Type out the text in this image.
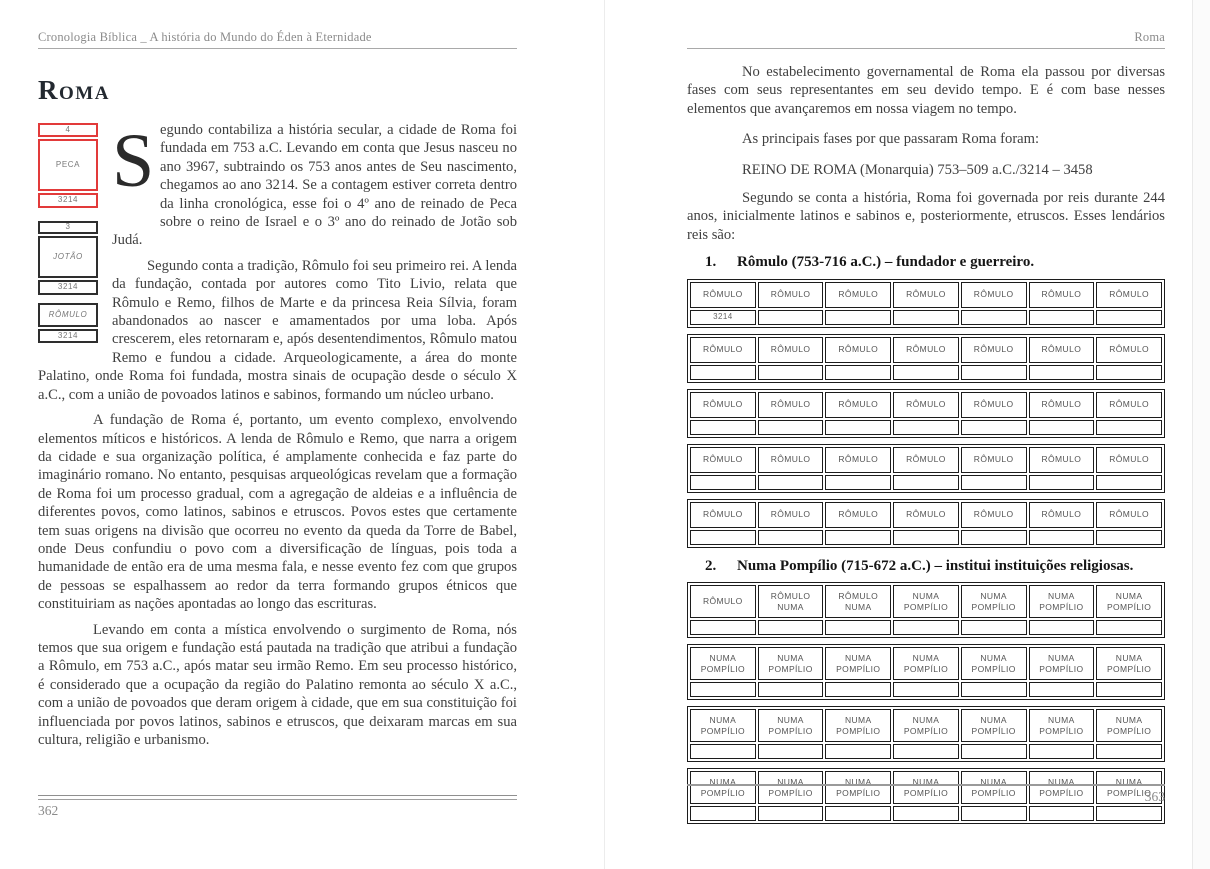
Cronologia Bíblica _ A história do Mundo do Éden à Eternidade
Roma
4
PECA
3214
3
JOTÃO
3214
RÔMULO
3214

Segundo contabiliza a história secular, a cidade de Roma foi fundada em 753 a.C. Levando em conta que Jesus nasceu no ano 3967, subtraindo os 753 anos antes de Seu nascimento, chegamos ao ano 3214. Se a contagem estiver correta dentro da linha cronológica, esse foi o 4º ano de reinado de Peca sobre o reino de Israel e o 3º ano do reinado de Jotão sob Judá.

Segundo conta a tradição, Rômulo foi seu primeiro rei. A lenda da fundação, contada por autores como Tito Livio, relata que Rômulo e Remo, filhos de Marte e da princesa Reia Sílvia, foram abandonados ao nascer e amamentados por uma loba. Após crescerem, eles retornaram e, após desentendimentos, Rômulo matou Remo e fundou a cidade. Arqueologicamente, a área do monte Palatino, onde Roma foi fundada, mostra sinais de ocupação desde o século X a.C., com a união de povoados latinos e sabinos, formando um núcleo urbano.

A fundação de Roma é, portanto, um evento complexo, envolvendo elementos míticos e históricos. A lenda de Rômulo e Remo, que narra a origem da cidade e sua organização política, é amplamente conhecida e faz parte do imaginário romano. No entanto, pesquisas arqueológicas revelam que a formação de Roma foi um processo gradual, com a agregação de aldeias e a influência de diferentes povos, como latinos, sabinos e etruscos. Povos estes que certamente tem suas origens na divisão que ocorreu no evento da queda da Torre de Babel, onde Deus confundiu o povo com a diversificação de línguas, pois toda a humanidade de então era de uma mesma fala, e nesse evento fez com que grupos de pessoas se espalhassem ao redor da terra formando grupos étnicos que constituiriam as nações apontadas ao longo das escrituras.

Levando em conta a mística envolvendo o surgimento de Roma, nós temos que sua origem e fundação está pautada na tradição que atribui a fundação a Rômulo, em 753 a.C., após matar seu irmão Remo. Em seu processo histórico, é considerado que a ocupação da região do Palatino remonta ao século X a.C., com a união de povoados que deram origem à cidade, que em sua constituição foi influenciada por povos latinos, sabinos e etruscos, que deixaram marcas em sua cultura, religião e urbanismo.

362
Roma

No estabelecimento governamental de Roma ela passou por diversas fases com seus representantes em seu devido tempo. E é com base nesses elementos que avançaremos em nossa viagem no tempo.

As principais fases por que passaram Roma foram:

REINO DE ROMA (Monarquia) 753–509 a.C./3214 – 3458

Segundo se conta a história, Roma foi governada por reis durante 244 anos, inicialmente latinos e sabinos e, posteriormente, etruscos. Esses lendários reis são:

1. Rômulo (753-716 a.C.) – fundador e guerreiro.
RÔMULO	RÔMULO	RÔMULO	RÔMULO	RÔMULO	RÔMULO	RÔMULO
3214						
RÔMULO	RÔMULO	RÔMULO	RÔMULO	RÔMULO	RÔMULO	RÔMULO

RÔMULO	RÔMULO	RÔMULO	RÔMULO	RÔMULO	RÔMULO	RÔMULO

RÔMULO	RÔMULO	RÔMULO	RÔMULO	RÔMULO	RÔMULO	RÔMULO

RÔMULO	RÔMULO	RÔMULO	RÔMULO	RÔMULO	RÔMULO	RÔMULO

2. Numa Pompílio (715-672 a.C.) – institui instituições religiosas.
RÔMULO	RÔMULO NUMA	RÔMULO NUMA	NUMA POMPÍLIO	NUMA POMPÍLIO	NUMA POMPÍLIO	NUMA POMPÍLIO

NUMA POMPÍLIO	NUMA POMPÍLIO	NUMA POMPÍLIO	NUMA POMPÍLIO	NUMA POMPÍLIO	NUMA POMPÍLIO	NUMA POMPÍLIO

NUMA POMPÍLIO	NUMA POMPÍLIO	NUMA POMPÍLIO	NUMA POMPÍLIO	NUMA POMPÍLIO	NUMA POMPÍLIO	NUMA POMPÍLIO

NUMA POMPÍLIO	NUMA POMPÍLIO	NUMA POMPÍLIO	NUMA POMPÍLIO	NUMA POMPÍLIO	NUMA POMPÍLIO	NUMA POMPÍLIO

363
